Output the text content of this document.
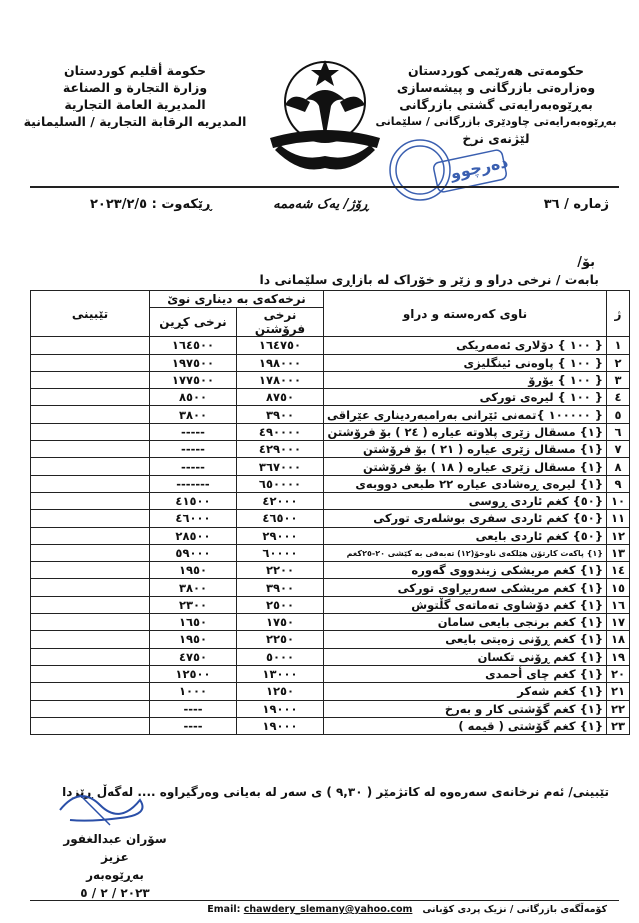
حکومەتی هەرێمی کوردستان
وەزارەتی بازرگانی و پیشەسازی
بەڕێوەبەرایەتی گشتی بازرگانی
بەڕێوەبەرایەتی چاودێری بازرگانی / سلێمانی
لێژنەی نرخ
دەرچوو
حكومة أقليم كوردستان
وزارة التجارة و الصناعة
المديرية العامة التجارية
المديريه الرقابة التجارية / السليمانية
ژمارە / ٣٦
ڕۆژ/ یەک شەممە
ڕێکەوت : ٢٠٢٣/٢/٥
بۆ/
بابەت / نرخی دراو و زێر و خۆراک لە بازاڕی سلێمانی دا
ژ	ناوی کەرەستە و دراو	نرخەکەی بە دیناری نوێ		تێبینی
		نرخی فرۆشتن	نرخی کڕین	
١	{ ١٠٠ } دۆلاری ئەمەریکی	١٦٤٧٥٠	١٦٤٥٠٠	
٢	{ ١٠٠ } پاوەنی ئینگلیزی	١٩٨٠٠٠	١٩٧٥٠٠	
٣	{ ١٠٠ } یۆرۆ	١٧٨٠٠٠	١٧٧٥٠٠	
٤	{ ١٠٠ } لیرەی تورکی	٨٧٥٠	٨٥٠٠	
٥	{ ١٠٠٠٠٠ }تمەنی ئێرانی بەرامبەردیناری عێراقی	٣٩٠٠	٣٨٠٠	
٦	{١} مسقال زێری پلاوتە عیارە ( ٢٤ ) بۆ فرۆشتن	٤٩٠٠٠٠	-----	
٧	{١} مسقال زێری عیارە ( ٢١ ) بۆ فرۆشتن	٤٢٩٠٠٠	-----	
٨	{١} مسقال زێری عیارە ( ١٨ ) بۆ فرۆشتن	٣٦٧٠٠٠	-----	
٩	{١} لیرەی ڕەشادی عیارە ٢٢ طبعی دووبەی	٦٥٠٠٠٠	-------	
١٠	{٥٠} کغم ئاردی ڕوسی	٤٢٠٠٠	٤١٥٠٠	
١١	{٥٠} کغم ئاردی سفری بوشلەری تورکی	٤٦٥٠٠	٤٦٠٠٠	
١٢	{٥٠} کغم ئاردی بایعی	٢٩٠٠٠	٢٨٥٠٠	
١٣	{١} پاکەت کارتۆن هێلکەی ناوخۆ(١٢) تەبەقی بە کێشی ٢٠-٢٥کغم	٦٠٠٠٠	٥٩٠٠٠	
١٤	{١} کغم مریشکی زیندووی گەورە	٢٢٠٠	١٩٥٠	
١٥	{١} کغم مریشکی سەربڕاوی تورکی	٣٩٠٠	٣٨٠٠	
١٦	{١} کغم دۆشاوی تەماتەی گڵتوش	٢٥٠٠	٢٣٠٠	
١٧	{١} کغم برنجی بایعی سامان	١٧٥٠	١٦٥٠	
١٨	{١} کغم ڕۆنی زەیتی بایعی	٢٢٥٠	١٩٥٠	
١٩	{١} کغم ڕۆنی تکسان	٥٠٠٠	٤٧٥٠	
٢٠	{١} کغم چای أحمدی	١٣٠٠٠	١٢٥٠٠	
٢١	{١} کغم شەکر	١٢٥٠	١٠٠٠	
٢٢	{١} کغم گۆشتی کار و بەرخ	١٩٠٠٠	----	
٢٣	{١} کغم گۆشتی ( قیمە )	١٩٠٠٠	----	
تێبینی/ ئەم نرخانەی سەرەوە لە کاتژمێر ( ٩,٣٠ ) ی سەر لە بەیانی وەرگیراوە .... لەگەڵ ڕێزدا
سۆران عبدالغفور عزیز
بەڕێوەبەر
٢٠٢٣ / ٢ / ٥
کۆمەڵگەی بازرگانی / نزیک پردی کۆبانی   Email: chawdery_slemany@yahoo.com
